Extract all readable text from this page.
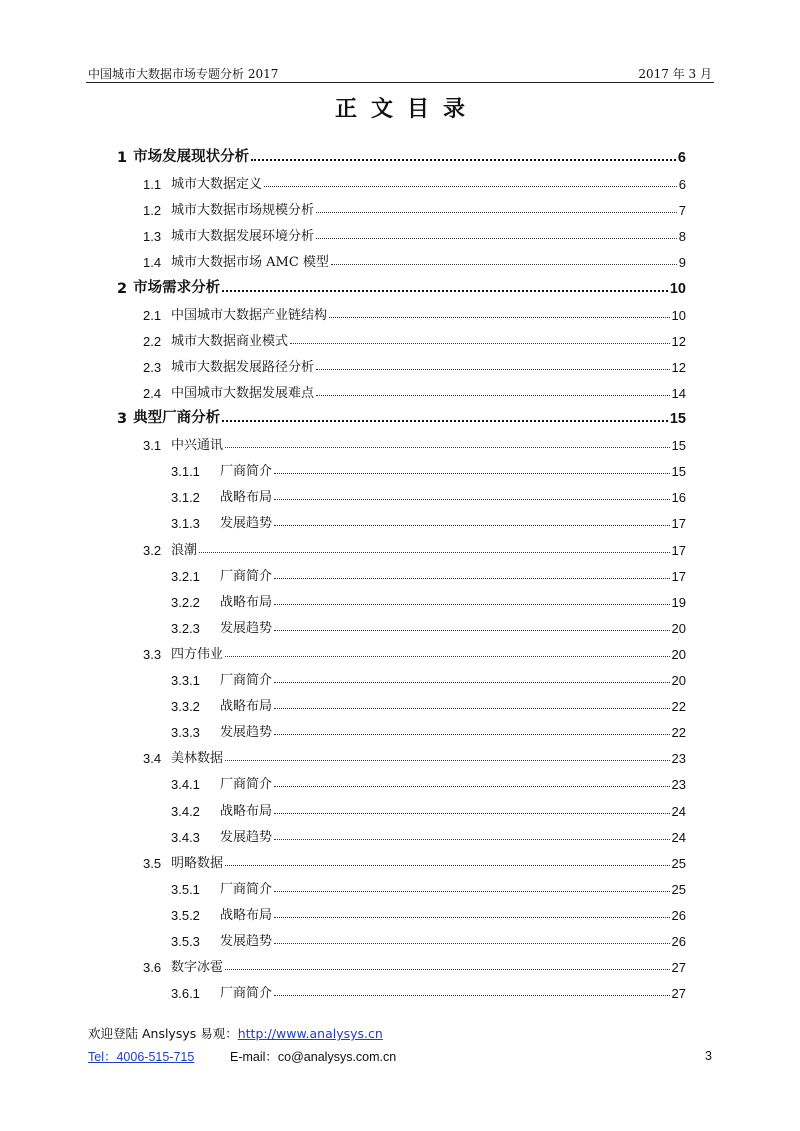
中国城市大数据市场专题分析 2017	2017 年 3 月
正文目录
1 市场发展现状分析	6
1.1 城市大数据定义	6
1.2 城市大数据市场规模分析	7
1.3 城市大数据发展环境分析	8
1.4 城市大数据市场 AMC 模型	9
2 市场需求分析	10
2.1 中国城市大数据产业链结构	10
2.2 城市大数据商业模式	12
2.3 城市大数据发展路径分析	12
2.4 中国城市大数据发展难点	14
3 典型厂商分析	15
3.1 中兴通讯	15
3.1.1	厂商简介	15
3.1.2	战略布局	16
3.1.3	发展趋势	17
3.2 浪潮	17
3.2.1	厂商简介	17
3.2.2	战略布局	19
3.2.3	发展趋势	20
3.3 四方伟业	20
3.3.1	厂商简介	20
3.3.2	战略布局	22
3.3.3	发展趋势	22
3.4 美林数据	23
3.4.1	厂商简介	23
3.4.2	战略布局	24
3.4.3	发展趋势	24
3.5 明略数据	25
3.5.1	厂商简介	25
3.5.2	战略布局	26
3.5.3	发展趋势	26
3.6 数字冰雹	27
3.6.1	厂商简介	27
欢迎登陆 Anslysys 易观：http://www.analysys.cn
Tel：4006-515-715	E-mail：co@analysys.com.cn	3
